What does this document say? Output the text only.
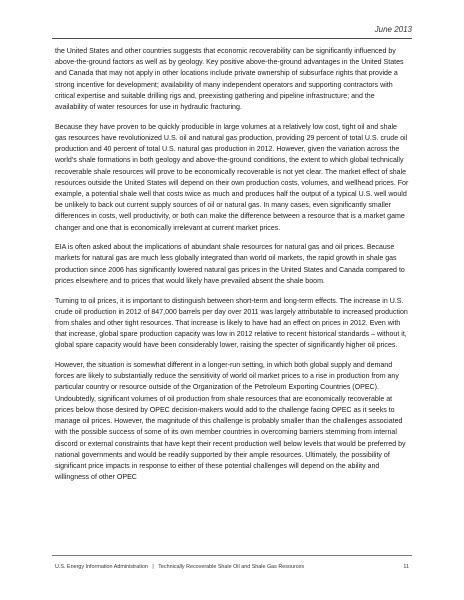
June 2013

the United States and other countries suggests that economic recoverability can be significantly influenced by above-the-ground factors as well as by geology. Key positive above-the-ground advantages in the United States and Canada that may not apply in other locations include private ownership of subsurface rights that provide a strong incentive for development; availability of many independent operators and supporting contractors with critical expertise and suitable drilling rigs and, preexisting gathering and pipeline infrastructure; and the availability of water resources for use in hydraulic fracturing.

Because they have proven to be quickly producible in large volumes at a relatively low cost, tight oil and shale gas resources have revolutionized U.S. oil and natural gas production, providing 29 percent of total U.S. crude oil production and 40 percent of total U.S. natural gas production in 2012. However, given the variation across the world’s shale formations in both geology and above-the-ground conditions, the extent to which global technically recoverable shale resources will prove to be economically recoverable is not yet clear. The market effect of shale resources outside the United States will depend on their own production costs, volumes, and wellhead prices. For example, a potential shale well that costs twice as much and produces half the output of a typical U.S. well would be unlikely to back out current supply sources of oil or natural gas. In many cases, even significantly smaller differences in costs, well productivity, or both can make the difference between a resource that is a market game changer and one that is economically irrelevant at current market prices.

EIA is often asked about the implications of abundant shale resources for natural gas and oil prices. Because markets for natural gas are much less globally integrated than world oil markets, the rapid growth in shale gas production since 2006 has significantly lowered natural gas prices in the United States and Canada compared to prices elsewhere and to prices that would likely have prevailed absent the shale boom.

Turning to oil prices, it is important to distinguish between short-term and long-term effects. The increase in U.S. crude oil production in 2012 of 847,000 barrels per day over 2011 was largely attributable to increased production from shales and other tight resources. That increase is likely to have had an effect on prices in 2012. Even with that increase, global spare production capacity was low in 2012 relative to recent historical standards – without it, global spare capacity would have been considerably lower, raising the specter of significantly higher oil prices.

However, the situation is somewhat different in a longer-run setting, in which both global supply and demand forces are likely to substantially reduce the sensitivity of world oil market prices to a rise in production from any particular country or resource outside of the Organization of the Petroleum Exporting Countries (OPEC). Undoubtedly, significant volumes of oil production from shale resources that are economically recoverable at prices below those desired by OPEC decision-makers would add to the challenge facing OPEC as it seeks to manage oil prices. However, the magnitude of this challenge is probably smaller than the challenges associated with the possible success of some of its own member countries in overcoming barriers stemming from internal discord or external constraints that have kept their recent production well below levels that would be preferred by national governments and would be readily supported by their ample resources. Ultimately, the possibility of significant price impacts in response to either of these potential challenges will depend on the ability and willingness of other OPEC

U.S. Energy Information Administration | Technically Recoverable Shale Oil and Shale Gas Resources	11
